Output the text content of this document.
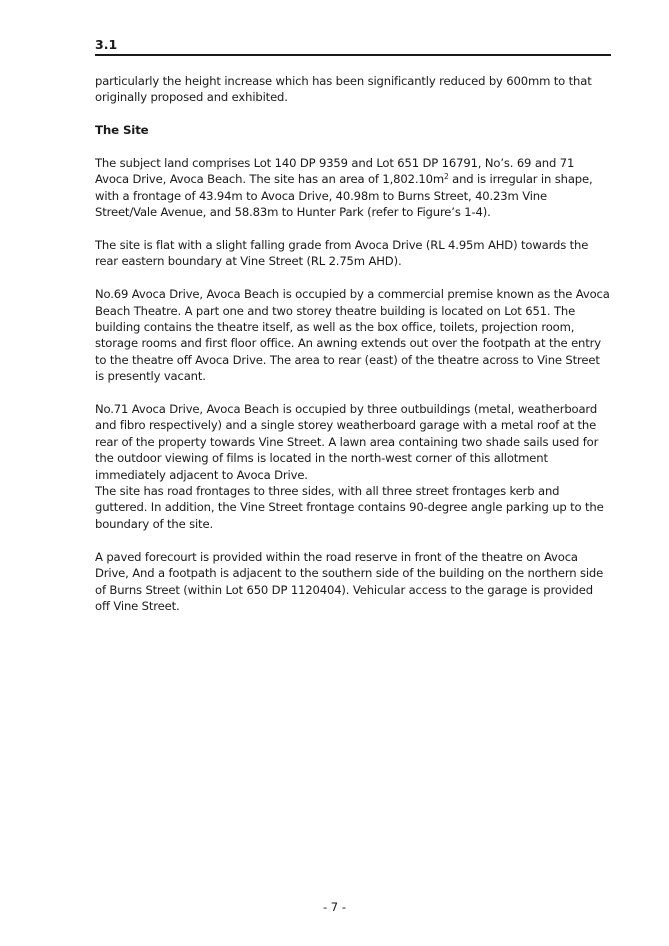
3.1

particularly the height increase which has been significantly reduced by 600mm to that originally proposed and exhibited.

The Site

The subject land comprises Lot 140 DP 9359 and Lot 651 DP 16791, No’s. 69 and 71 Avoca Drive, Avoca Beach. The site has an area of $1,802.10m^2$ and is irregular in shape, with a frontage of 43.94m to Avoca Drive, 40.98m to Burns Street, 40.23m Vine Street/Vale Avenue, and 58.83m to Hunter Park (refer to Figure’s 1-4).

The site is flat with a slight falling grade from Avoca Drive (RL 4.95m AHD) towards the rear eastern boundary at Vine Street (RL 2.75m AHD).

No.69 Avoca Drive, Avoca Beach is occupied by a commercial premise known as the Avoca Beach Theatre. A part one and two storey theatre building is located on Lot 651. The building contains the theatre itself, as well as the box office, toilets, projection room, storage rooms and first floor office. An awning extends out over the footpath at the entry to the theatre off Avoca Drive. The area to rear (east) of the theatre across to Vine Street is presently vacant.

No.71 Avoca Drive, Avoca Beach is occupied by three outbuildings (metal, weatherboard and fibro respectively) and a single storey weatherboard garage with a metal roof at the rear of the property towards Vine Street. A lawn area containing two shade sails used for the outdoor viewing of films is located in the north-west corner of this allotment immediately adjacent to Avoca Drive.

The site has road frontages to three sides, with all three street frontages kerb and guttered. In addition, the Vine Street frontage contains 90-degree angle parking up to the boundary of the site.

A paved forecourt is provided within the road reserve in front of the theatre on Avoca Drive, And a footpath is adjacent to the southern side of the building on the northern side of Burns Street (within Lot 650 DP 1120404). Vehicular access to the garage is provided off Vine Street.

- 7 -
